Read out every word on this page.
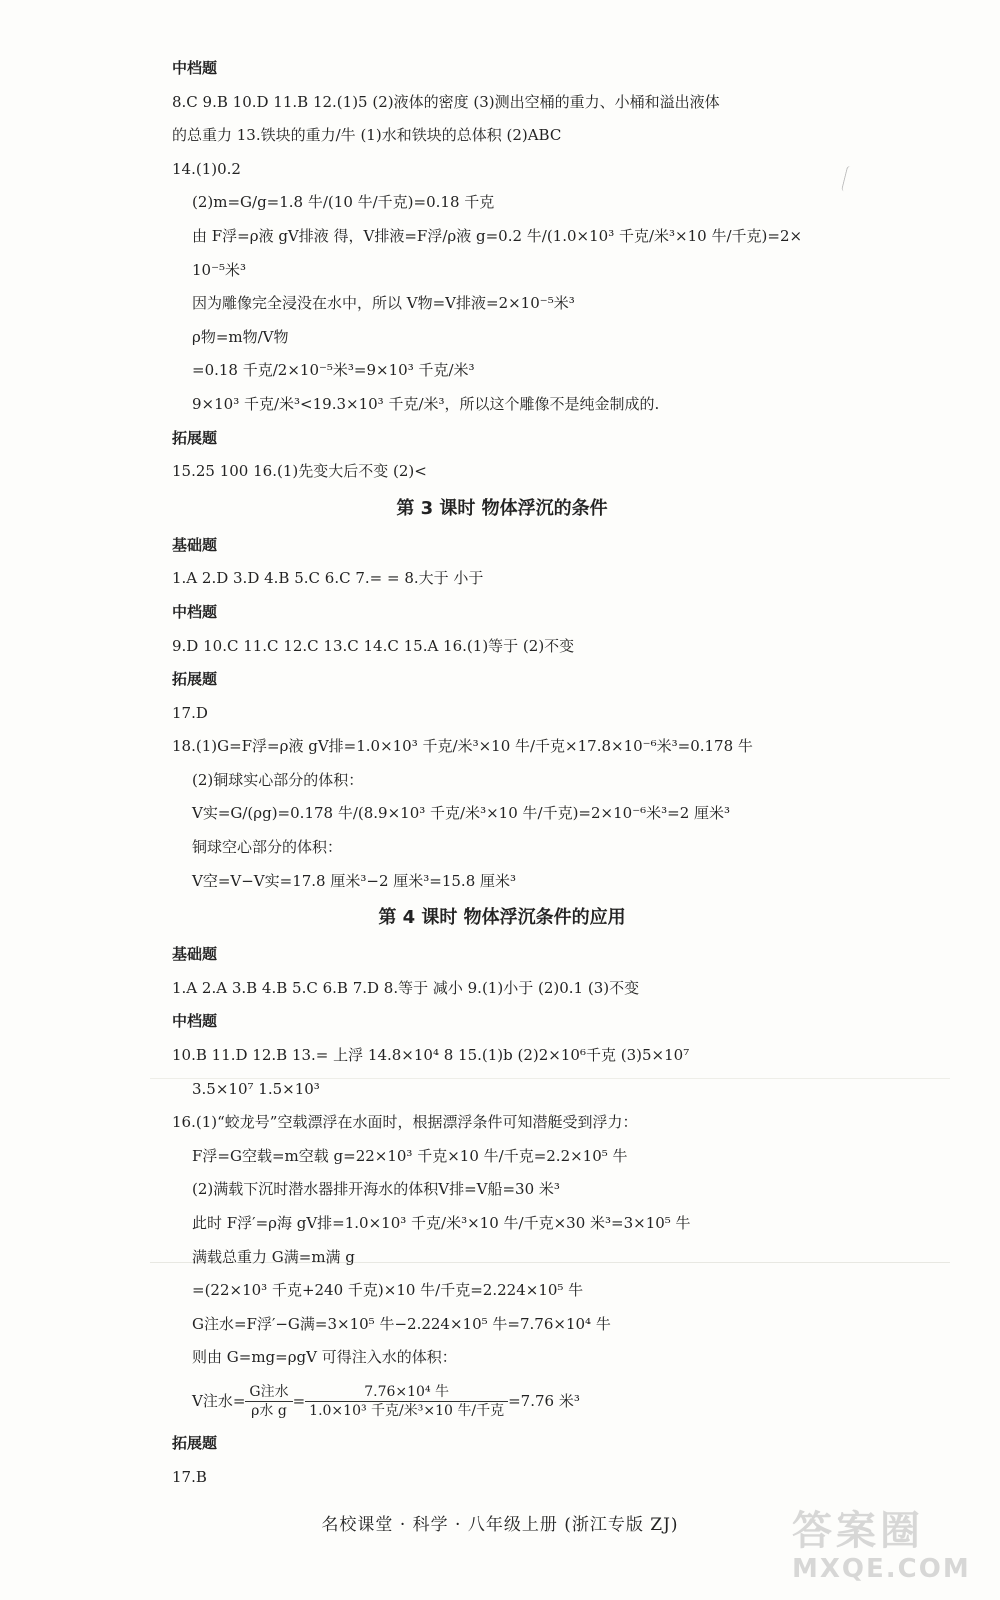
中档题
8.C 9.B 10.D 11.B 12.(1)5 (2)液体的密度 (3)测出空桶的重力、小桶和溢出液体
的总重力 13.铁块的重力/牛 (1)水和铁块的总体积 (2)ABC
14.(1)0.2
(2)m=G/g=1.8 牛/(10 牛/千克)=0.18 千克
由 F浮=ρ液 gV排液 得，V排液=F浮/ρ液 g=0.2 牛/(1.0×10³ 千克/米³×10 牛/千克)=2×
10⁻⁵米³
因为雕像完全浸没在水中，所以 V物=V排液=2×10⁻⁵米³
ρ物=m物/V物
=0.18 千克/2×10⁻⁵米³=9×10³ 千克/米³
9×10³ 千克/米³<19.3×10³ 千克/米³，所以这个雕像不是纯金制成的.
拓展题
15.25 100 16.(1)先变大后不变 (2)<
第 3 课时 物体浮沉的条件
基础题
1.A 2.D 3.D 4.B 5.C 6.C 7.= = 8.大于 小于
中档题
9.D 10.C 11.C 12.C 13.C 14.C 15.A 16.(1)等于 (2)不变
拓展题
17.D
18.(1)G=F浮=ρ液 gV排=1.0×10³ 千克/米³×10 牛/千克×17.8×10⁻⁶米³=0.178 牛
(2)铜球实心部分的体积：
V实=G/(ρg)=0.178 牛/(8.9×10³ 千克/米³×10 牛/千克)=2×10⁻⁶米³=2 厘米³
铜球空心部分的体积：
V空=V−V实=17.8 厘米³−2 厘米³=15.8 厘米³
第 4 课时 物体浮沉条件的应用
基础题
1.A 2.A 3.B 4.B 5.C 6.B 7.D 8.等于 减小 9.(1)小于 (2)0.1 (3)不变
中档题
10.B 11.D 12.B 13.= 上浮 14.8×10⁴ 8 15.(1)b (2)2×10⁶千克 (3)5×10⁷
3.5×10⁷ 1.5×10³
16.(1)“蛟龙号”空载漂浮在水面时，根据漂浮条件可知潜艇受到浮力：
F浮=G空载=m空载 g=22×10³ 千克×10 牛/千克=2.2×10⁵ 牛
(2)满载下沉时潜水器排开海水的体积V排=V船=30 米³
此时 F浮′=ρ海 gV排=1.0×10³ 千克/米³×10 牛/千克×30 米³=3×10⁵ 牛
满载总重力 G满=m满 g
=(22×10³ 千克+240 千克)×10 牛/千克=2.224×10⁵ 牛
G注水=F浮′−G满=3×10⁵ 牛−2.224×10⁵ 牛=7.76×10⁴ 牛
则由 G=mg=ρgV 可得注入水的体积：
V注水= $\frac{\text{G注水}}{\text{ρ水 g}} = \frac{\text{7.76×10⁴ 牛}}{\text{1.0×10³ 千克/米³×10 牛/千克}} =7.76$ 米³
拓展题
17.B
名校课堂 · 科学 · 八年级上册 (浙江专版 ZJ)	答案圈
MXQE.COM
